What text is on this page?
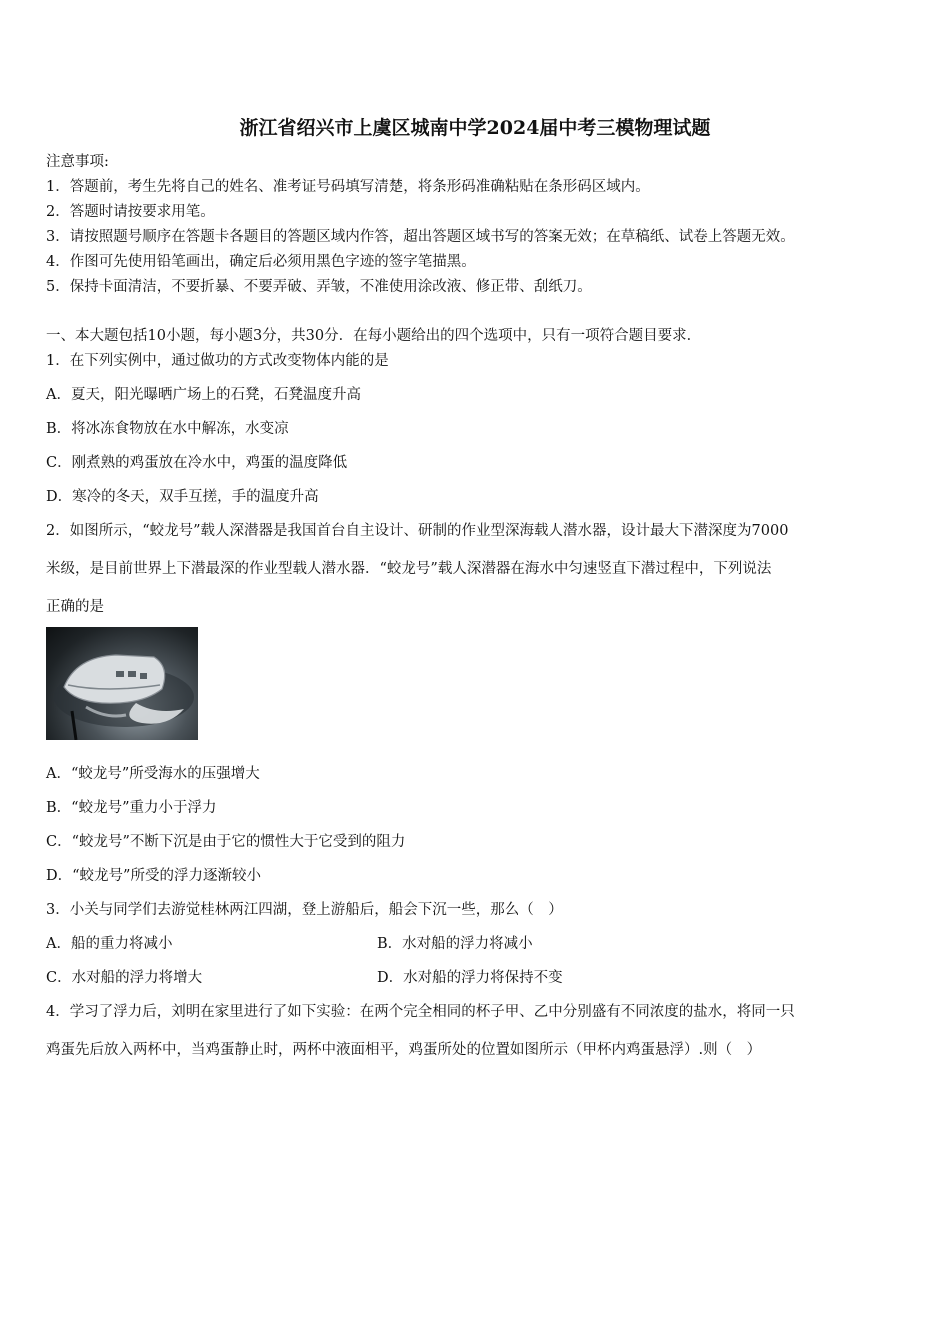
浙江省绍兴市上虞区城南中学2024届中考三模物理试题
注意事项:
1．答题前，考生先将自己的姓名、准考证号码填写清楚，将条形码准确粘贴在条形码区域内。
2．答题时请按要求用笔。
3．请按照题号顺序在答题卡各题目的答题区域内作答，超出答题区域书写的答案无效；在草稿纸、试卷上答题无效。
4．作图可先使用铅笔画出，确定后必须用黑色字迹的签字笔描黑。
5．保持卡面清洁，不要折暴、不要弄破、弄皱，不准使用涂改液、修正带、刮纸刀。
一、本大题包括10小题，每小题3分，共30分．在每小题给出的四个选项中，只有一项符合题目要求．
1．在下列实例中，通过做功的方式改变物体内能的是
A．夏天，阳光曝晒广场上的石凳，石凳温度升高
B．将冰冻食物放在水中解冻，水变凉
C．刚煮熟的鸡蛋放在冷水中，鸡蛋的温度降低
D．寒冷的冬天，双手互搓，手的温度升高
2．如图所示，“蛟龙号”载人深潜器是我国首台自主设计、研制的作业型深海载人潜水器，设计最大下潜深度为7000
米级，是目前世界上下潜最深的作业型载人潜水器．“蛟龙号”载人深潜器在海水中匀速竖直下潜过程中，下列说法
正确的是
A．“蛟龙号”所受海水的压强增大
B．“蛟龙号”重力小于浮力
C．“蛟龙号”不断下沉是由于它的惯性大于它受到的阻力
D．“蛟龙号”所受的浮力逐渐较小
3．小关与同学们去游觉桂林两江四湖，登上游船后，船会下沉一些，那么（　）
A．船的重力将减小	B．水对船的浮力将减小
C．水对船的浮力将增大	D．水对船的浮力将保持不变
4．学习了浮力后，刘明在家里进行了如下实验：在两个完全相同的杯子甲、乙中分别盛有不同浓度的盐水，将同一只
鸡蛋先后放入两杯中，当鸡蛋静止时，两杯中液面相平，鸡蛋所处的位置如图所示（甲杯内鸡蛋悬浮）.则（　）
